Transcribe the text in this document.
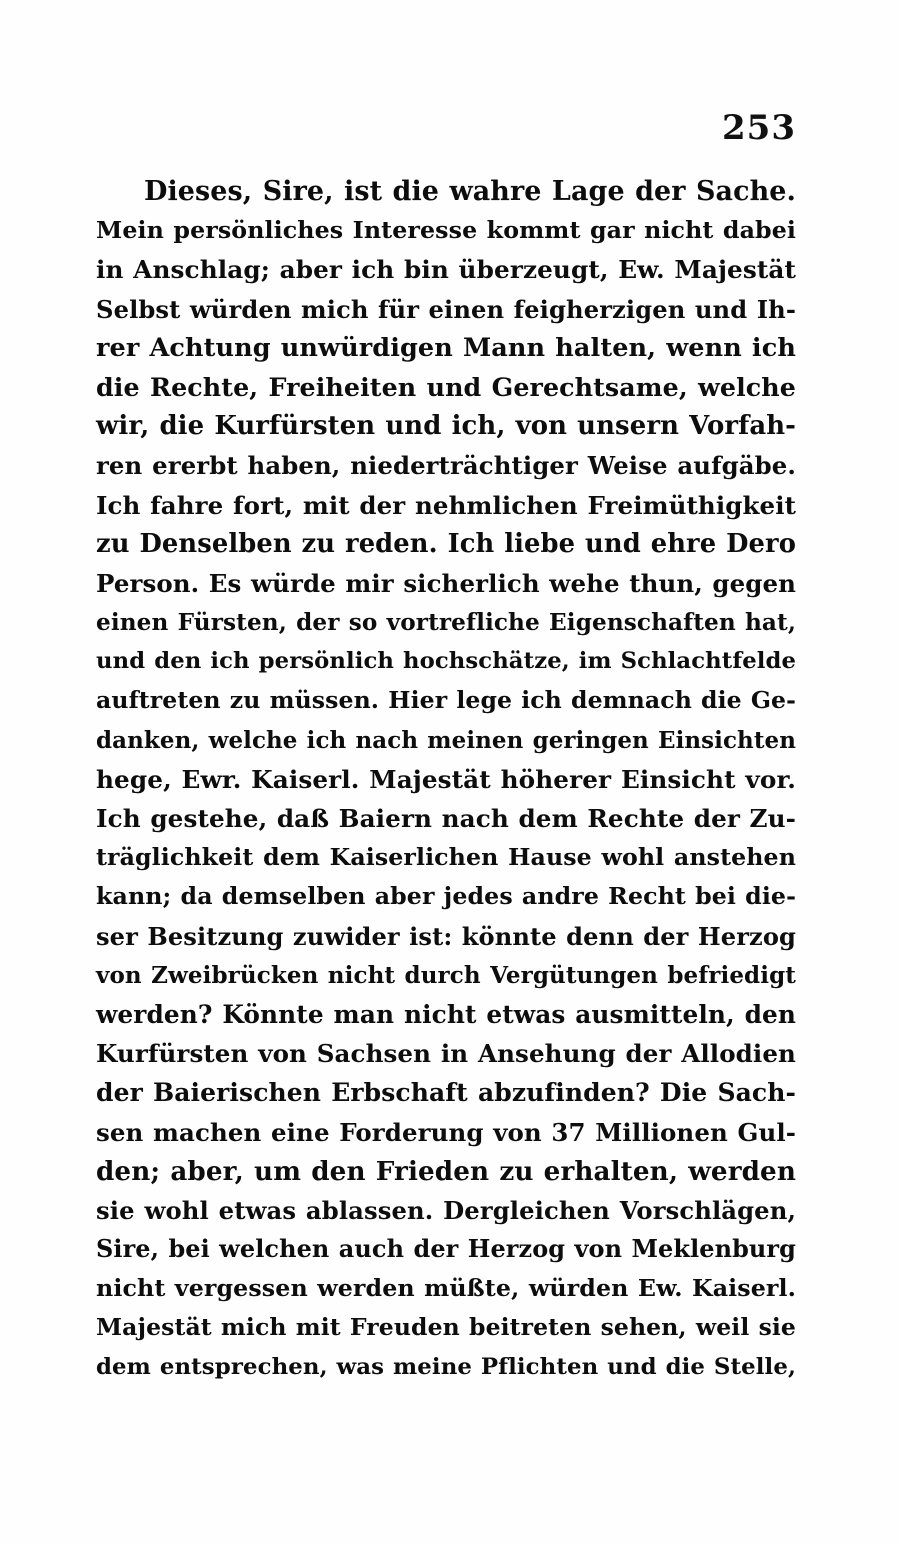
253
Dieses, Sire, ist die wahre Lage der Sache.
Mein persönliches Interesse kommt gar nicht dabei
in Anschlag; aber ich bin überzeugt, Ew. Majestät
Selbst würden mich für einen feigherzigen und Ih-
rer Achtung unwürdigen Mann halten, wenn ich
die Rechte, Freiheiten und Gerechtsame, welche
wir, die Kurfürsten und ich, von unsern Vorfah-
ren ererbt haben, niederträchtiger Weise aufgäbe.
Ich fahre fort, mit der nehmlichen Freimüthigkeit
zu Denselben zu reden. Ich liebe und ehre Dero
Person. Es würde mir sicherlich wehe thun, gegen
einen Fürsten, der so vortrefliche Eigenschaften hat,
und den ich persönlich hochschätze, im Schlachtfelde
auftreten zu müssen. Hier lege ich demnach die Ge-
danken, welche ich nach meinen geringen Einsichten
hege, Ewr. Kaiserl. Majestät höherer Einsicht vor.
Ich gestehe, daß Baiern nach dem Rechte der Zu-
träglichkeit dem Kaiserlichen Hause wohl anstehen
kann; da demselben aber jedes andre Recht bei die-
ser Besitzung zuwider ist: könnte denn der Herzog
von Zweibrücken nicht durch Vergütungen befriedigt
werden? Könnte man nicht etwas ausmitteln, den
Kurfürsten von Sachsen in Ansehung der Allodien
der Baierischen Erbschaft abzufinden? Die Sach-
sen machen eine Forderung von 37 Millionen Gul-
den; aber, um den Frieden zu erhalten, werden
sie wohl etwas ablassen. Dergleichen Vorschlägen,
Sire, bei welchen auch der Herzog von Meklenburg
nicht vergessen werden müßte, würden Ew. Kaiserl.
Majestät mich mit Freuden beitreten sehen, weil sie
dem entsprechen, was meine Pflichten und die Stelle,
